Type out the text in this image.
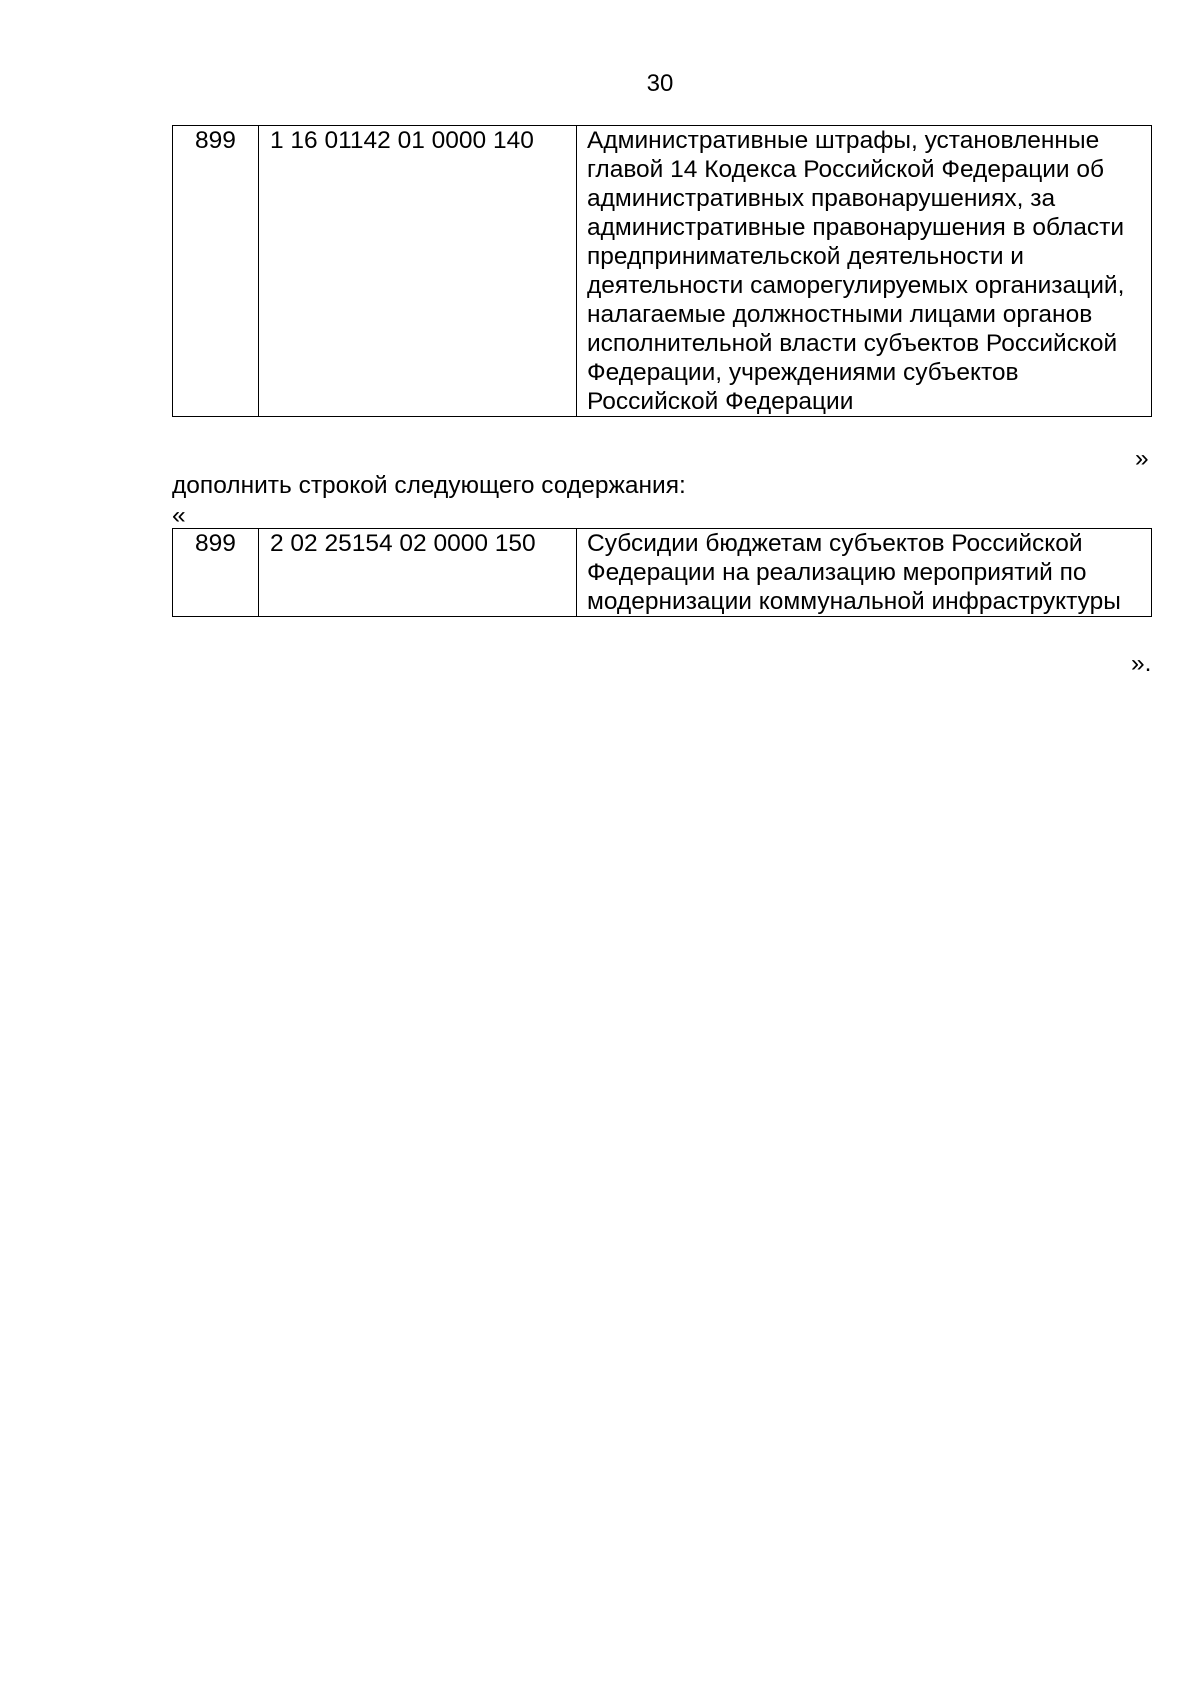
30
899	1 16 01142 01 0000 140	Административные штрафы, установленные главой 14 Кодекса Российской Федерации об административных правонарушениях, за административные правонарушения в области предпринимательской деятельности и деятельности саморегулируемых организаций, налагаемые должностными лицами органов исполнительной власти субъектов Российской Федерации, учреждениями субъектов Российской Федерации
»
дополнить строкой следующего содержания:
«
899	2 02 25154 02 0000 150	Субсидии бюджетам субъектов Российской Федерации на реализацию мероприятий по модернизации коммунальной инфраструктуры
».
